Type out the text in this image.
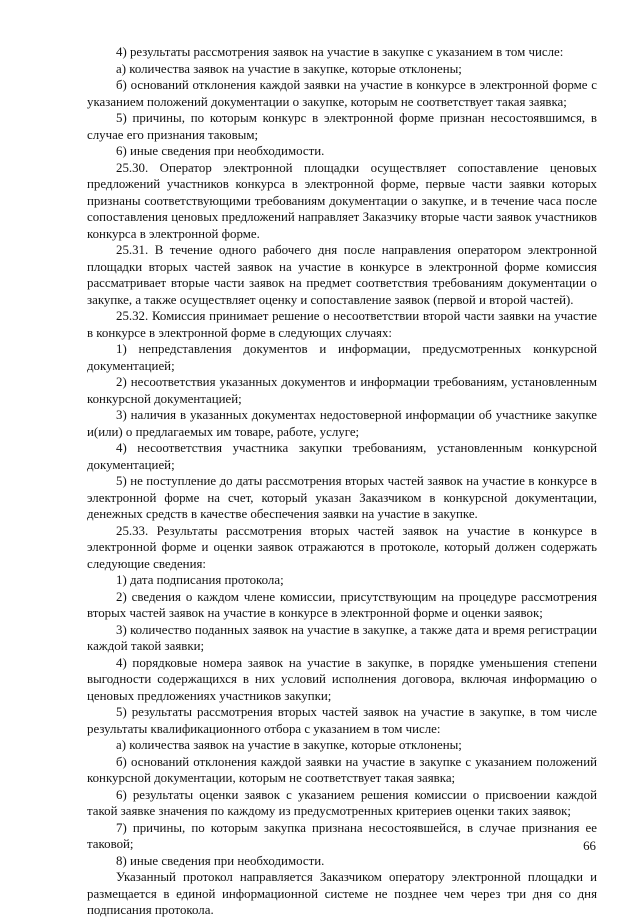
4) результаты рассмотрения заявок на участие в закупке с указанием в том числе:

а) количества заявок на участие в закупке, которые отклонены;

б) оснований отклонения каждой заявки на участие в конкурсе в электронной форме с указанием положений документации о закупке, которым не соответствует такая заявка;

5) причины, по которым конкурс в электронной форме признан несостоявшимся, в случае его признания таковым;

6) иные сведения при необходимости.

25.30. Оператор электронной площадки осуществляет сопоставление ценовых предложений участников конкурса в электронной форме, первые части заявки которых признаны соответствующими требованиям документации о закупке, и в течение часа после сопоставления ценовых предложений направляет Заказчику вторые части заявок участников конкурса в электронной форме.

25.31. В течение одного рабочего дня после направления оператором электронной площадки вторых частей заявок на участие в конкурсе в электронной форме комиссия рассматривает вторые части заявок на предмет соответствия требованиям документации о закупке, а также осуществляет оценку и сопоставление заявок (первой и второй частей).

25.32. Комиссия принимает решение о несоответствии второй части заявки на участие в конкурсе в электронной форме в следующих случаях:

1) непредставления документов и информации, предусмотренных конкурсной документацией;

2) несоответствия указанных документов и информации требованиям, установленным конкурсной документацией;

3) наличия в указанных документах недостоверной информации об участнике закупке и(или) о предлагаемых им товаре, работе, услуге;

4) несоответствия участника закупки требованиям, установленным конкурсной документацией;

5) не поступление до даты рассмотрения вторых частей заявок на участие в конкурсе в электронной форме на счет, который указан Заказчиком в конкурсной документации, денежных средств в качестве обеспечения заявки на участие в закупке.

25.33. Результаты рассмотрения вторых частей заявок на участие в конкурсе в электронной форме и оценки заявок отражаются в протоколе, который должен содержать следующие сведения:

1) дата подписания протокола;

2) сведения о каждом члене комиссии, присутствующим на процедуре рассмотрения вторых частей заявок на участие в конкурсе в электронной форме и оценки заявок;

3) количество поданных заявок на участие в закупке, а также дата и время регистрации каждой такой заявки;

4) порядковые номера заявок на участие в закупке, в порядке уменьшения степени выгодности содержащихся в них условий исполнения договора, включая информацию о ценовых предложениях участников закупки;

5) результаты рассмотрения вторых частей заявок на участие в закупке, в том числе результаты квалификационного отбора с указанием в том числе:

а) количества заявок на участие в закупке, которые отклонены;

б) оснований отклонения каждой заявки на участие в закупке с указанием положений конкурсной документации, которым не соответствует такая заявка;

6) результаты оценки заявок с указанием решения комиссии о присвоении каждой такой заявке значения по каждому из предусмотренных критериев оценки таких заявок;

7) причины, по которым закупка признана несостоявшейся, в случае признания ее таковой;

8) иные сведения при необходимости.

Указанный протокол направляется Заказчиком оператору электронной площадки и размещается в единой информационной системе не позднее чем через три дня со дня подписания протокола.

66
